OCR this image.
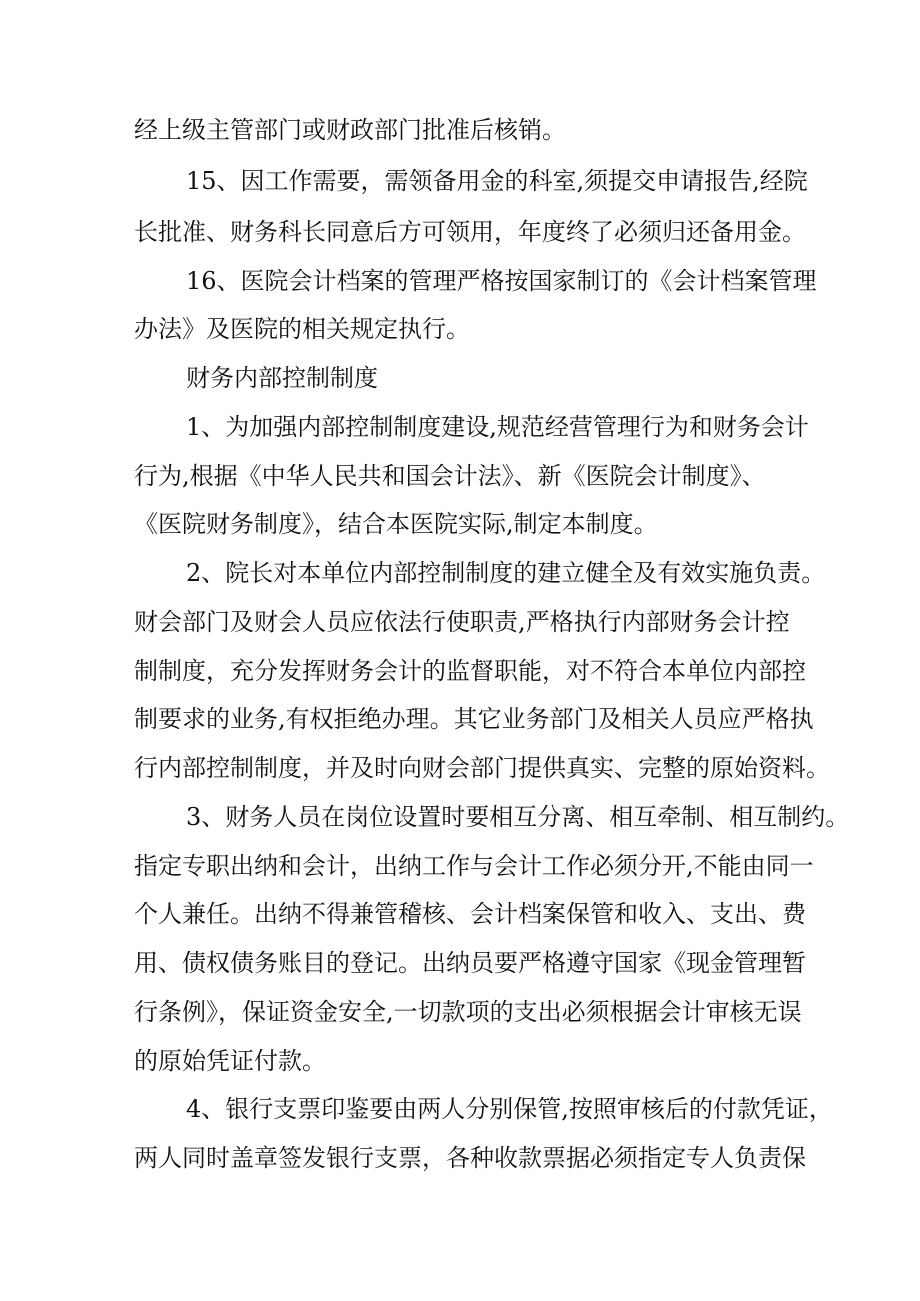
经上级主管部门或财政部门批准后核销。
15、因工作需要，需领备用金的科室,须提交申请报告,经院
长批准、财务科长同意后方可领用，年度终了必须归还备用金。
16、医院会计档案的管理严格按国家制订的《会计档案管理
办法》及医院的相关规定执行。
财务内部控制制度
1、为加强内部控制制度建设,规范经营管理行为和财务会计
行为,根据《中华人民共和国会计法》、新《医院会计制度》、
《医院财务制度》，结合本医院实际,制定本制度。
2、院长对本单位内部控制制度的建立健全及有效实施负责。
财会部门及财会人员应依法行使职责,严格执行内部财务会计控
制制度，充分发挥财务会计的监督职能，对不符合本单位内部控
制要求的业务,有权拒绝办理。其它业务部门及相关人员应严格执
行内部控制制度，并及时向财会部门提供真实、完整的原始资料。
3、财务人员在岗位设置时要相互分离、相互牵制、相互制约。
指定专职出纳和会计，出纳工作与会计工作必须分开,不能由同一
个人兼任。出纳不得兼管稽核、会计档案保管和收入、支出、费
用、债权债务账目的登记。出纳员要严格遵守国家《现金管理暂
行条例》，保证资金安全,一切款项的支出必须根据会计审核无误
的原始凭证付款。
4、银行支票印鉴要由两人分别保管,按照审核后的付款凭证，
两人同时盖章签发银行支票，各种收款票据必须指定专人负责保
